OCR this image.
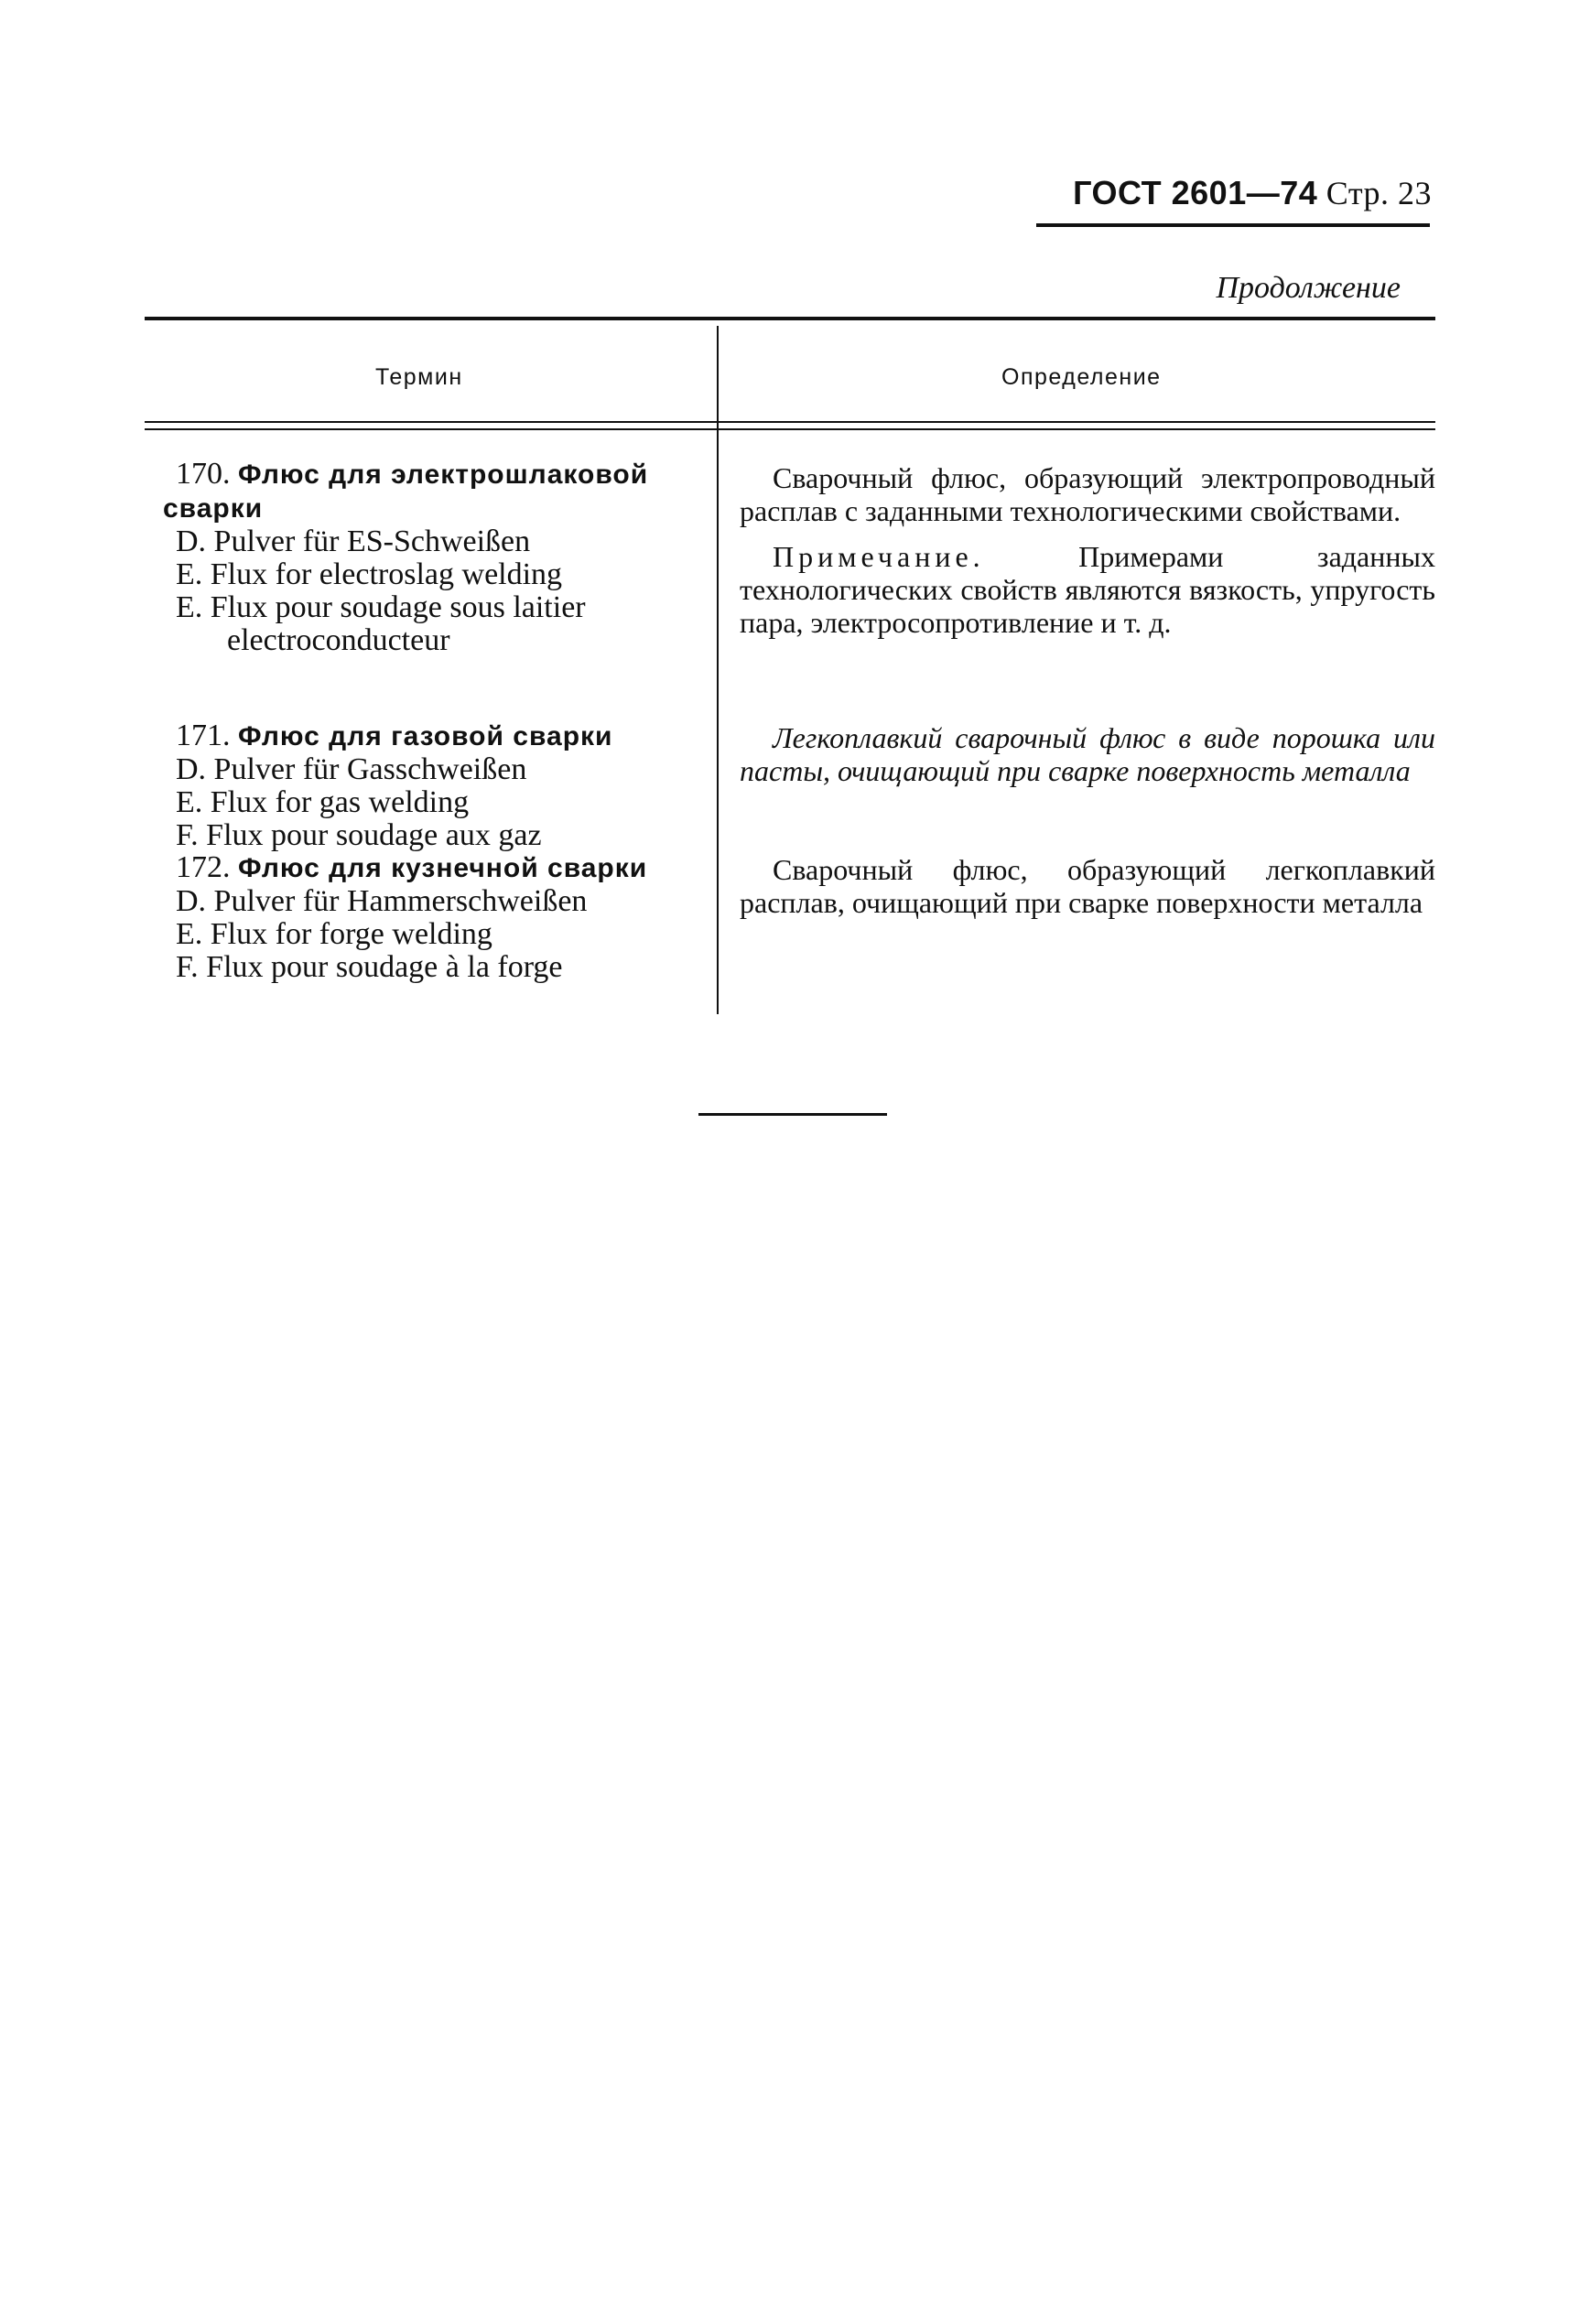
ГОСТ 2601—74 Стр. 23
Продолжение
Термин	Определение
170. Флюс для электрошлаковой
сварки
D. Pulver für ES-Schweißen
E. Flux for electroslag welding
E. Flux pour soudage sous laitier
electroconducteur
Сварочный флюс, образующий электропроводный расплав с заданными технологическими свойствами.
Примечание.	Примерами заданных технологических свойств являются вязкость, упругость пара, электросопротивление и т. д.
171. Флюс для газовой сварки
D. Pulver für Gasschweißen
E. Flux for gas welding
F. Flux pour soudage aux gaz
Легкоплавкий сварочный флюс в виде порошка или пасты, очищающий при сварке поверхность металла
172. Флюс для кузнечной сварки
D. Pulver für Hammerschweißen
E. Flux for forge welding
F. Flux pour soudage à la forge
Сварочный флюс, образующий легкоплавкий расплав, очищающий при сварке поверхности металла
